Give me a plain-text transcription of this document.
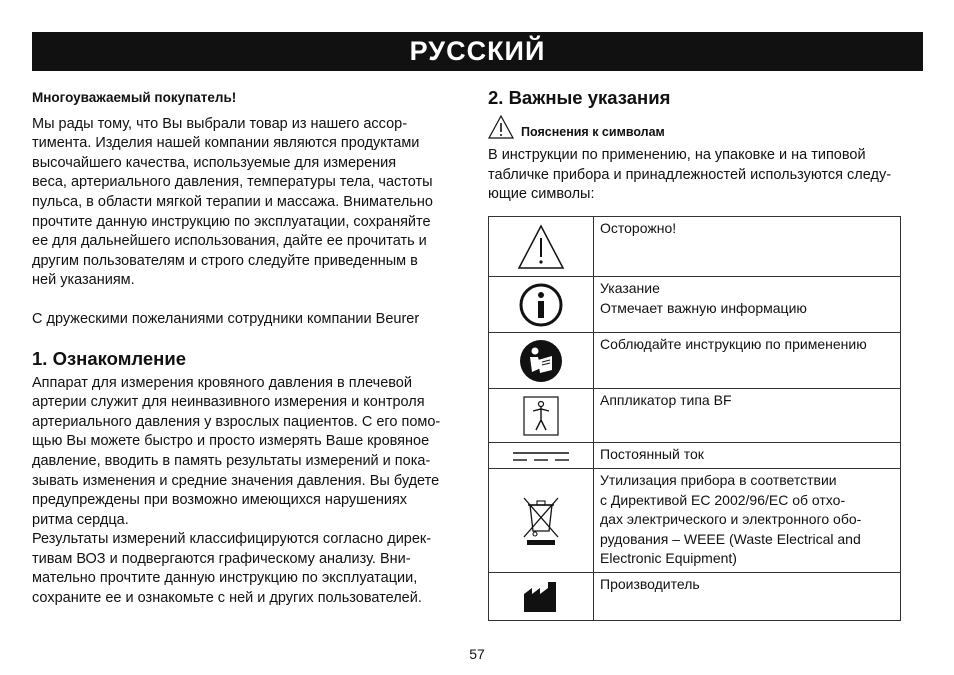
РУССКИЙ

Многоуважаемый покупатель!

Мы рады тому, что Вы выбрали товар из нашего ассор-
тимента. Изделия нашей компании являются продуктами
высочайшего качества, используемые для измерения
веса, артериального давления, температуры тела, частоты
пульса, в области мягкой терапии и массажа. Внимательно
прочтите данную инструкцию по эксплуатации, сохраняйте
ее для дальнейшего использования, дайте ее прочитать и
другим пользователям и строго следуйте приведенным в
ней указаниям.

С дружескими пожеланиями сотрудники компании Beurer

1. Ознакомление

Аппарат для измерения кровяного давления в плечевой
артерии служит для неинвазивного измерения и контроля
артериального давления у взрослых пациентов. С его помо-
щью Вы можете быстро и просто измерять Ваше кровяное
давление, вводить в память результаты измерений и пока-
зывать изменения и средние значения давления. Вы будете
предупреждены при возможно имеющихся нарушениях
ритма сердца.

Результаты измерений классифицируются согласно дирек-
тивам ВОЗ и подвергаются графическому анализу. Вни-
мательно прочтите данную инструкцию по эксплуатации,
сохраните ее и ознакомьте с ней и других пользователей.

2. Важные указания
Пояснения к символам

В инструкции по применению, на упаковке и на типовой
табличке прибора и принадлежностей используются следу-
ющие символы:

Осторожно!

Указание
Отмечает важную информацию

Соблюдайте инструкцию по применению

Аппликатор типа BF

Постоянный ток

Утилизация прибора в соответствии
с Директивой ЕС 2002/96/ЕС об отхо-
дах электрического и электронного обо-
рудования – WEEE (Waste Electrical and
Electronic Equipment)

Производитель
57
